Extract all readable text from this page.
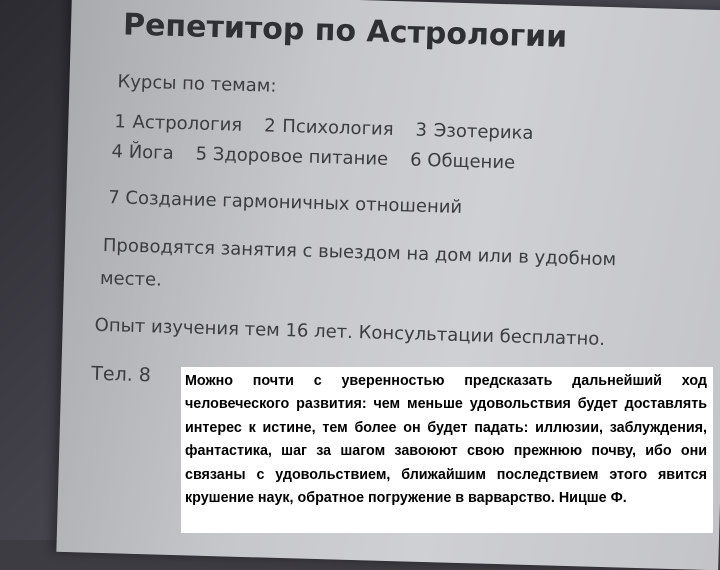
Репетитор по Астрологии
Курсы по темам:
1 Астрология 2 Психология 3 Эзотерика
4 Йога 5 Здоровое питание 6 Общение
7 Создание гармоничных отношений
Проводятся занятия с выездом на дом или в удобном
месте.
Опыт изучения тем 16 лет. Консультации бесплатно.
Тел. 8 Можно почти с уверенностью предсказать дальнейший ход человеческого развития: чем меньше удовольствия будет доставлять интерес к истине, тем более он будет падать: иллюзии, заблуждения, фантастика, шаг за шагом завоюют свою прежнюю почву, ибо они связаны с удовольствием, ближайшим последствием этого явится крушение наук, обратное погружение в варварство. Ницше Ф.
